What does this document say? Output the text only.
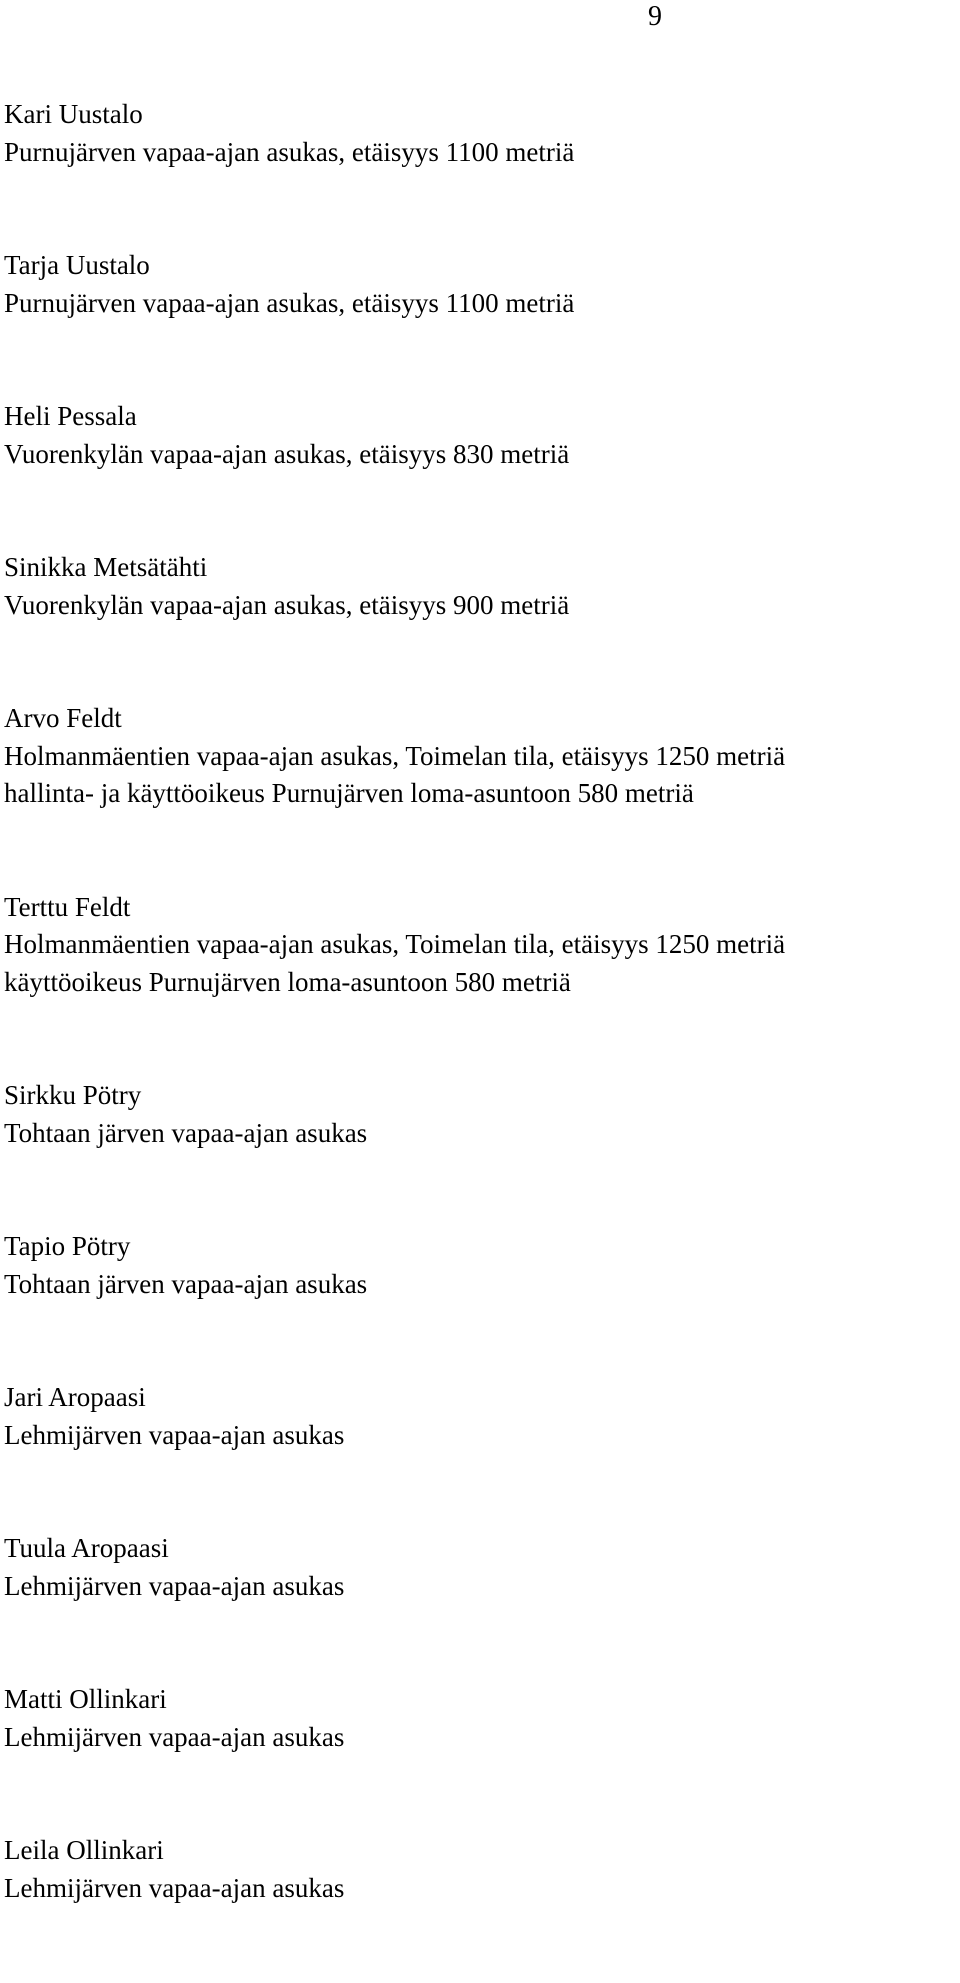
9
Kari Uustalo
Purnujärven vapaa-ajan asukas, etäisyys 1100 metriä
Tarja Uustalo
Purnujärven vapaa-ajan asukas, etäisyys 1100 metriä
Heli Pessala
Vuorenkylän vapaa-ajan asukas, etäisyys 830 metriä
Sinikka Metsätähti
Vuorenkylän vapaa-ajan asukas, etäisyys 900 metriä
Arvo Feldt
Holmanmäentien vapaa-ajan asukas, Toimelan tila, etäisyys 1250 metriä
hallinta- ja käyttöoikeus Purnujärven loma-asuntoon 580 metriä
Terttu Feldt
Holmanmäentien vapaa-ajan asukas, Toimelan tila, etäisyys 1250 metriä
käyttöoikeus Purnujärven loma-asuntoon 580 metriä
Sirkku Pötry
Tohtaan järven vapaa-ajan asukas
Tapio Pötry
Tohtaan järven vapaa-ajan asukas
Jari Aropaasi
Lehmijärven vapaa-ajan asukas
Tuula Aropaasi
Lehmijärven vapaa-ajan asukas
Matti Ollinkari
Lehmijärven vapaa-ajan asukas
Leila Ollinkari
Lehmijärven vapaa-ajan asukas
